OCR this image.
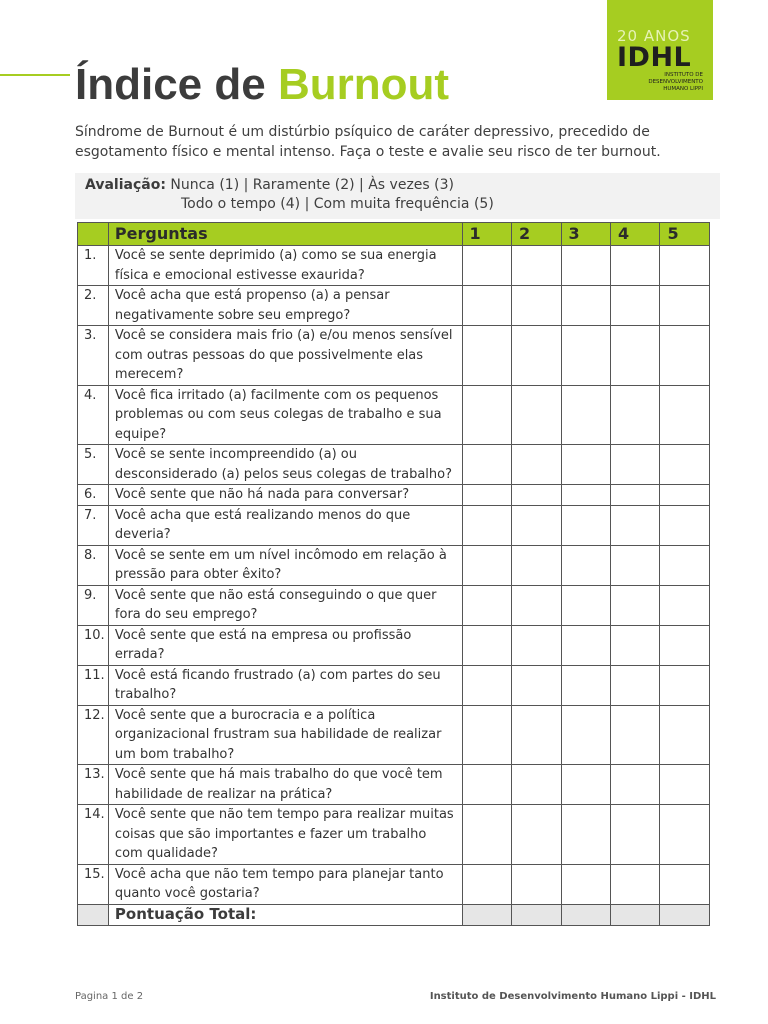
20 ANOS
IDHL
INSTITUTO DE DESENVOLVIMENTO
HUMANO LIPPI
Índice de Burnout

Síndrome de Burnout é um distúrbio psíquico de caráter depressivo, precedido de esgotamento físico e mental intenso. Faça o teste e avalie seu risco de ter burnout.

Avaliação: Nunca (1) | Raramente (2) | Às vezes (3)
Todo o tempo (4) | Com muita frequência (5)
	Perguntas	1	2	3	4	5
1.	Você se sente deprimido (a) como se sua energia física e emocional estivesse exaurida?					
2.	Você acha que está propenso (a) a pensar negativamente sobre seu emprego?					
3.	Você se considera mais frio (a) e/ou menos sensível com outras pessoas do que possivelmente elas merecem?					
4.	Você fica irritado (a) facilmente com os pequenos problemas ou com seus colegas de trabalho e sua equipe?					
5.	Você se sente incompreendido (a) ou desconsiderado (a) pelos seus colegas de trabalho?					
6.	Você sente que não há nada para conversar?					
7.	Você acha que está realizando menos do que deveria?					
8.	Você se sente em um nível incômodo em relação à pressão para obter êxito?					
9.	Você sente que não está conseguindo o que quer fora do seu emprego?					
10.	Você sente que está na empresa ou profissão errada?					
11.	Você está ficando frustrado (a) com partes do seu trabalho?					
12.	Você sente que a burocracia e a política organizacional frustram sua habilidade de realizar um bom trabalho?					
13.	Você sente que há mais trabalho do que você tem habilidade de realizar na prática?					
14.	Você sente que não tem tempo para realizar muitas coisas que são importantes e fazer um trabalho com qualidade?					
15.	Você acha que não tem tempo para planejar tanto quanto você gostaria?					
	Pontuação Total:					
Pagina 1 de 2	Instituto de Desenvolvimento Humano Lippi - IDHL
